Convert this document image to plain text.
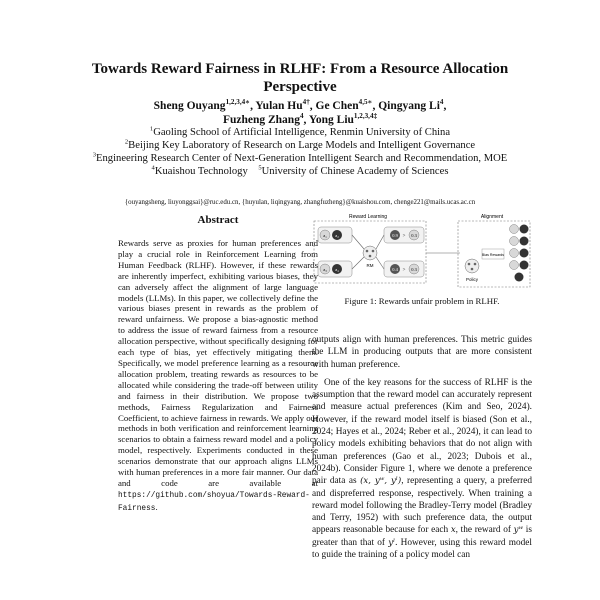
Towards Reward Fairness in RLHF: From a Resource Allocation Perspective
Sheng Ouyang$^{1,2,3,4∗}$, Yulan $Hu^{4\dagger}$, Ge Chen$^{4,5∗}$, Qingyang Li$^4$,
Fuzheng Zhang$^4$, Yong Liu$^{1,2,3,4\ddagger}$
$^1$Gaoling School of Artificial Intelligence, Renmin University of China
$^2$Beijing Key Laboratory of Research on Large Models and Intelligent Governance
$^3$Engineering Research Center of Next-Generation Intelligent Search and Recommendation, MOE
$^4$Kuaishou Technology $^5$University of Chinese Academy of Sciences
{ouyangsheng, liuyonggsai}@ruc.edu.cn, {huyulan, liqingyang, zhangfuzheng}@kuaishou.com, chenge221@mails.ucas.ac.cn
Abstract
Rewards serve as proxies for human preferences and play a crucial role in Reinforcement Learning from Human Feedback (RLHF). However, if these rewards are inherently imperfect, exhibiting various biases, they can adversely affect the alignment of large language models (LLMs). In this paper, we collectively define the various biases present in rewards as the problem of reward unfairness. We propose a bias-agnostic method to address the issue of reward fairness from a resource allocation perspective, without specifically designing for each type of bias, yet effectively mitigating them. Specifically, we model preference learning as a resource allocation problem, treating rewards as resources to be allocated while considering the trade-off between utility and fairness in their distribution. We propose two methods, Fairness Regularization and Fairness Coefficient, to achieve fairness in rewards. We apply our methods in both verification and reinforcement learning scenarios to obtain a fairness reward model and a policy model, respectively. Experiments conducted in these scenarios demonstrate that our approach aligns LLMs with human preferences in a more fair manner. Our data and code are available at https://github.com/shoyua/Towards-Reward-Fairness.
Reward Learning	Alignment
a₁ a₂	0.9 > 0.3
a₃ a₄	0.4 > 0.3
RM
Policy
Bias Rewards
Figure 1: Rewards unfair problem in RLHF.

outputs align with human preferences. This metric guides the LLM in producing outputs that are more consistent with human preference.

One of the key reasons for the success of RLHF is the assumption that the reward model can accurately represent and measure actual preferences (Kim and Seo, 2024). However, if the reward model itself is biased (Son et al., 2024; Hayes et al., 2024; Reber et al., 2024), it can lead to policy models exhibiting behaviors that do not align with human preferences (Gao et al., 2023; Dubois et al., 2024b). Consider Figure 1, where we denote a preference pair data as (x, yʷ, yˡ), representing a query, a preferred and dispreferred response, respectively. When training a reward model following the Bradley-Terry model (Bradley and Terry, 1952) with such preference data, the output appears reasonable because for each x, the reward of yʷ is greater than that of yˡ. However, using this reward model to guide the training of a policy model can
